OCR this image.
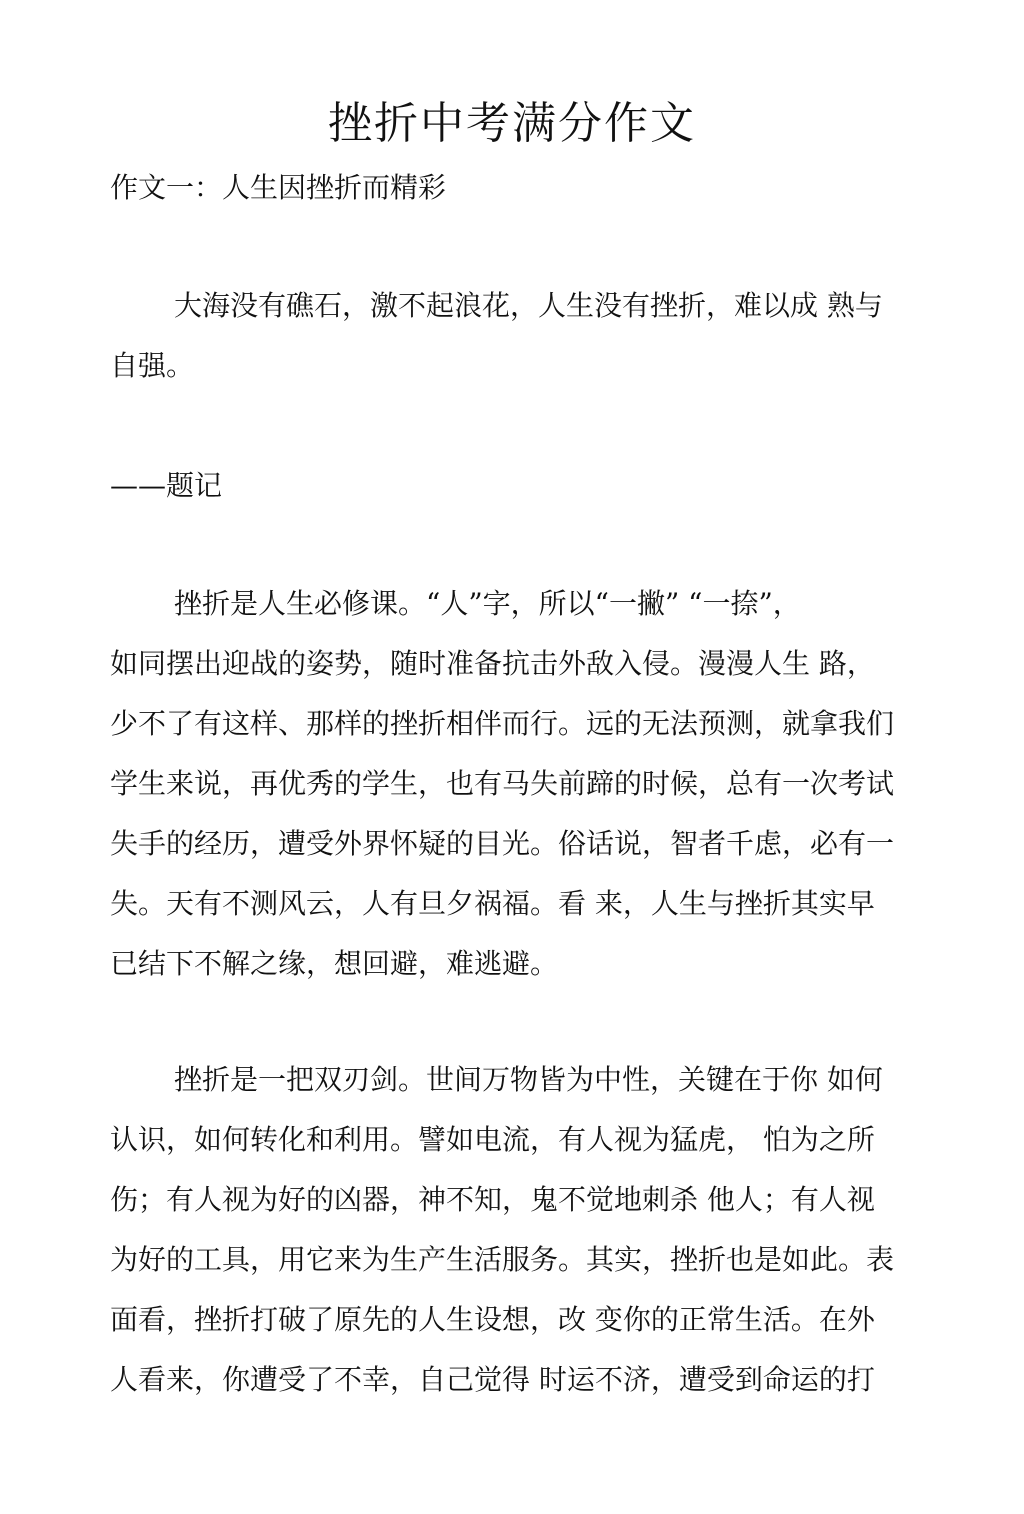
挫折中考满分作文
作文一：人生因挫折而精彩

大海没有礁石，激不起浪花，人生没有挫折，难以成 熟与

自强。

——题记

挫折是人生必修课。“人”字，所以“一撇” “一捺”，

如同摆出迎战的姿势，随时准备抗击外敌入侵。漫漫人生 路，

少不了有这样、那样的挫折相伴而行。远的无法预测，就拿我们

学生来说，再优秀的学生，也有马失前蹄的时候，总有一次考试

失手的经历，遭受外界怀疑的目光。俗话说，智者千虑，必有一

失。天有不测风云，人有旦夕祸福。看 来，人生与挫折其实早

已结下不解之缘，想回避，难逃避。

挫折是一把双刃剑。世间万物皆为中性，关键在于你 如何

认识，如何转化和利用。譬如电流，有人视为猛虎， 怕为之所

伤；有人视为好的凶器，神不知，鬼不觉地刺杀 他人；有人视

为好的工具，用它来为生产生活服务。其实，挫折也是如此。表

面看，挫折打破了原先的人生设想，改 变你的正常生活。在外

人看来，你遭受了不幸，自己觉得 时运不济，遭受到命运的打
